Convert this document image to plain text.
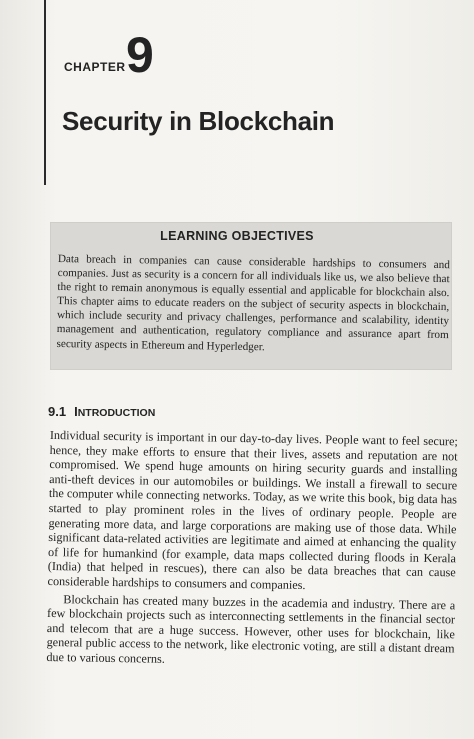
CHAPTER 9
Security in Blockchain
LEARNING OBJECTIVES
Data breach in companies can cause considerable hardships to consumers and companies. Just as security is a concern for all individuals like us, we also believe that the right to remain anonymous is equally essential and applicable for blockchain also. This chapter aims to educate readers on the subject of security aspects in blockchain, which include security and privacy challenges, performance and scalability, identity management and authentication, regulatory compliance and assurance apart from security aspects in Ethereum and Hyperledger.
9.1 INTRODUCTION

Individual security is important in our day-to-day lives. People want to feel secure; hence, they make efforts to ensure that their lives, assets and reputation are not compromised. We spend huge amounts on hiring security guards and installing anti-theft devices in our automobiles or buildings. We install a firewall to secure the computer while connecting networks. Today, as we write this book, big data has started to play prominent roles in the lives of ordinary people. People are generating more data, and large corporations are making use of those data. While significant data-related activities are legitimate and aimed at enhancing the quality of life for humankind (for example, data maps collected during floods in Kerala (India) that helped in rescues), there can also be data breaches that can cause considerable hardships to consumers and companies.

Blockchain has created many buzzes in the academia and industry. There are a few blockchain projects such as interconnecting settlements in the financial sector and telecom that are a huge success. However, other uses for blockchain, like general public access to the network, like electronic voting, are still a distant dream due to various concerns.
